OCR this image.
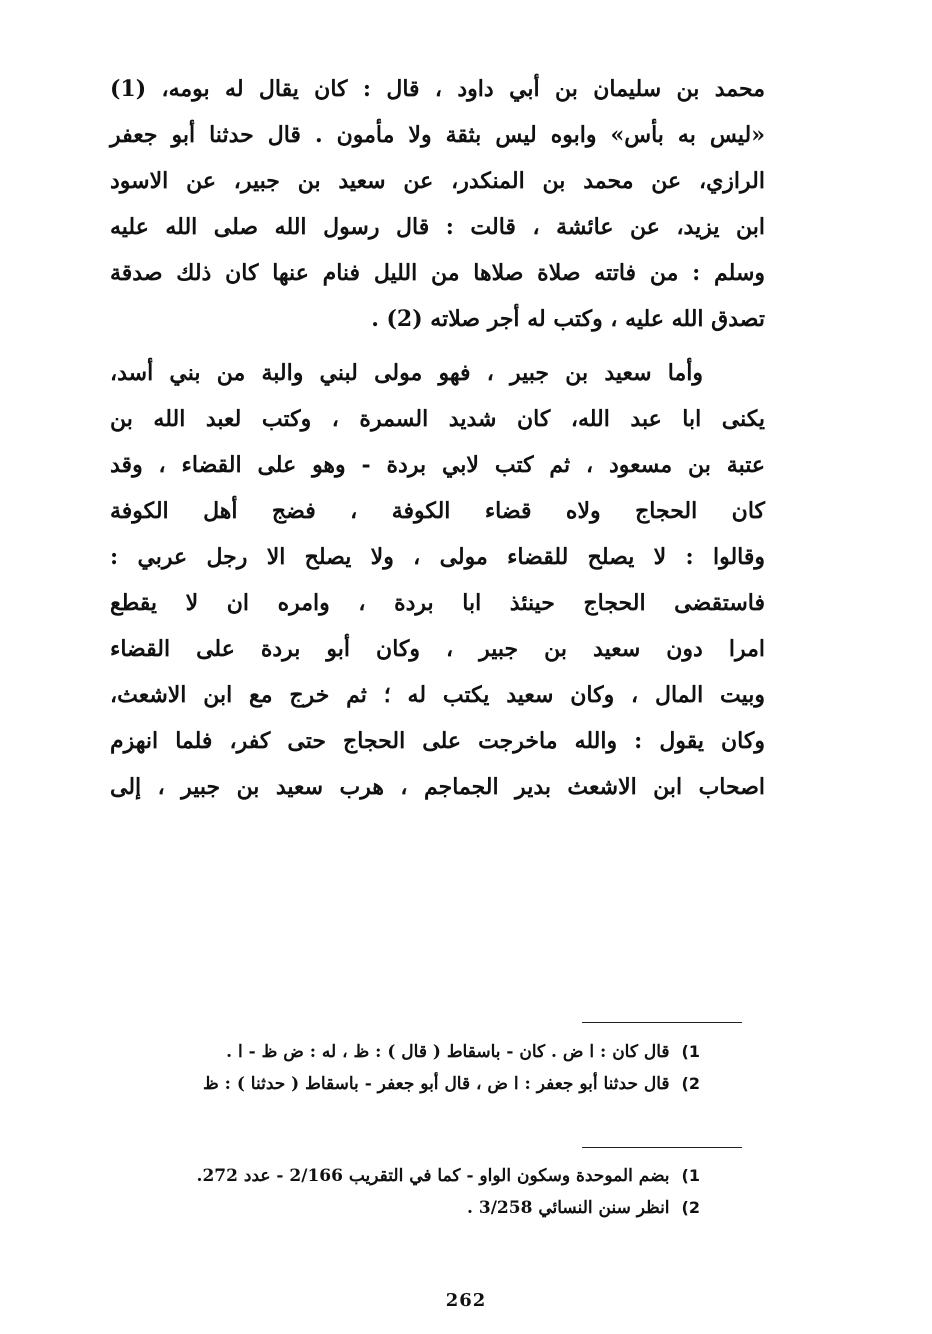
محمد بن سليمان بن أبي داود ، قال : كان يقال له بومه، (1)
«ليس به بأس» وابوه ليس بثقة ولا مأمون . قال حدثنا أبو جعفر
الرازي، عن محمد بن المنكدر، عن سعيد بن جبير، عن الاسود
ابن يزيد، عن عائشة ، قالت : قال رسول الله صلى الله عليه
وسلم : من فاتته صلاة صلاها من الليل فنام عنها كان ذلك صدقة
تصدق الله عليه ، وكتب له أجر صلاته (2) .
وأما سعيد بن جبير ، فهو مولى لبني والبة من بني أسد،
يكنى ابا عبد الله، كان شديد السمرة ، وكتب لعبد الله بن
عتبة بن مسعود ، ثم كتب لابي بردة - وهو على القضاء ، وقد
كان الحجاج ولاه قضاء الكوفة ، فضج أهل الكوفة
وقالوا : لا يصلح للقضاء مولى ، ولا يصلح الا رجل عربي :
فاستقضى الحجاج حينئذ ابا بردة ، وامره ان لا يقطع
امرا دون سعيد بن جبير ، وكان أبو بردة على القضاء
وبيت المال ، وكان سعيد يكتب له ؛ ثم خرج مع ابن الاشعث،
وكان يقول : والله ماخرجت على الحجاج حتى كفر، فلما انهزم
اصحاب ابن الاشعث بدير الجماجم ، هرب سعيد بن جبير ، إلى
1)قال كان : ا ض . كان - باسقاط ( قال ) : ظ ، له : ض ظ - ا .
2)قال حدثنا أبو جعفر : ا ض ، قال أبو جعفر - باسقاط ( حدثنا ) : ظ
1)بضم الموحدة وسكون الواو - كما في التقريب 2/166 - عدد 272.
2)انظر سنن النسائي 3/258 .
262
